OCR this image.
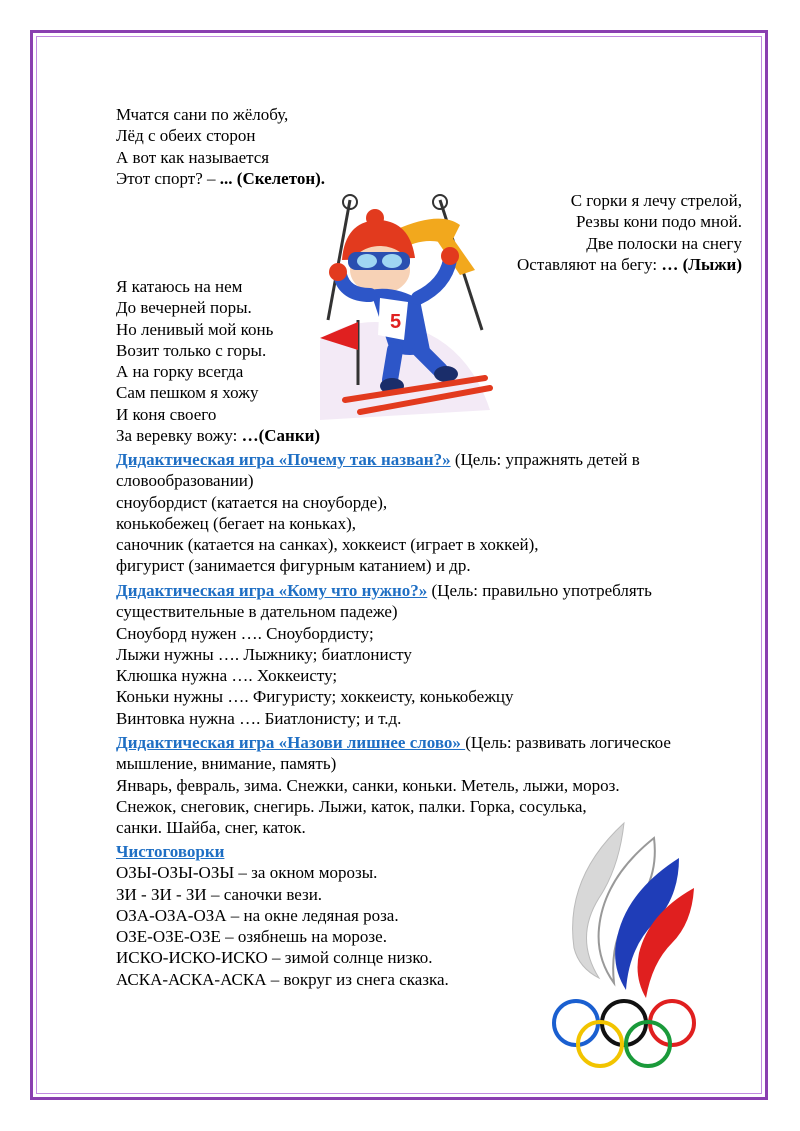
Мчатся сани по жёлобу,
Лёд с обеих сторон
А вот как называется
Этот спорт? – ... (Скелетон).
С горки я лечу стрелой,
Резвы кони подо мной.
Две полоски на снегу
Оставляют на бегу: … (Лыжи)
5
Я катаюсь на нем
До вечерней поры.
Но ленивый мой конь
Возит только с горы.
А на горку всегда
Сам пешком я хожу
И коня своего
За веревку вожу: …(Санки)
Дидактическая игра «Почему так назван?» (Цель: упражнять детей в
словообразовании)
сноубордист (катается на сноуборде),
конькобежец (бегает на коньках),
саночник (катается на санках), хоккеист (играет в хоккей),
фигурист (занимается фигурным катанием) и др.
Дидактическая игра «Кому что нужно?» (Цель: правильно употреблять
существительные в дательном падеже)
Сноуборд нужен …. Сноубордисту;
Лыжи нужны …. Лыжнику; биатлонисту
Клюшка нужна …. Хоккеисту;
Коньки нужны …. Фигуристу; хоккеисту, конькобежцу
Винтовка нужна …. Биатлонисту; и т.д.
Дидактическая игра «Назови лишнее слово» (Цель: развивать логическое
мышление, внимание, память)
Январь, февраль, зима. Снежки, санки, коньки. Метель, лыжи, мороз.
Снежок, снеговик, снегирь. Лыжи, каток, палки. Горка, сосулька,
санки. Шайба, снег, каток.
Чистоговорки
ОЗЫ-ОЗЫ-ОЗЫ – за окном морозы.
ЗИ - ЗИ - ЗИ – саночки вези.
ОЗА-ОЗА-ОЗА – на окне ледяная роза.
ОЗЕ-ОЗЕ-ОЗЕ – озябнешь на морозе.
ИСКО-ИСКО-ИСКО – зимой солнце низко.
АСКА-АСКА-АСКА – вокруг из снега сказка.
